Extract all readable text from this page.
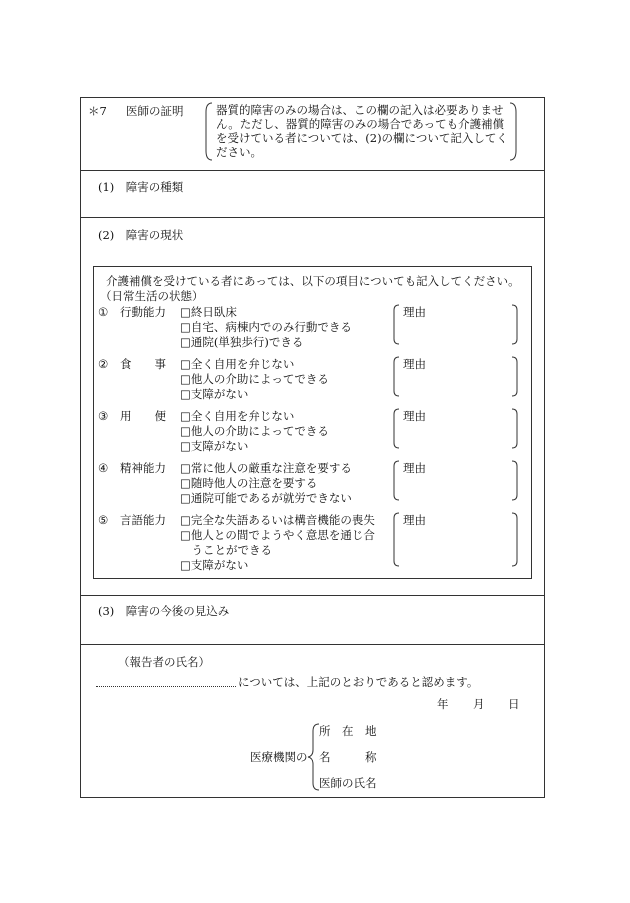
＊7 医師の証明	器質的障害のみの場合は、この欄の記入は必要ありません。ただし、器質的障害のみの場合であっても介護補償を受けている者については、(2)の欄について記入してください。
(1)　障害の種類
(2)　障害の現状
介護補償を受けている者にあっては、以下の項目についても記入してください。
（日常生活の状態）
① 行動能力 □終日臥床
□自宅、病棟内でのみ行動できる
□通院(単独歩行)できる
理由
② 食　　事 □全く自用を弁じない
□他人の介助によってできる
□支障がない
理由
③ 用　　便 □全く自用を弁じない
□他人の介助によってできる
□支障がない
理由
④ 精神能力 □常に他人の厳重な注意を要する
□随時他人の注意を要する
□通院可能であるが就労できない
理由
⑤ 言語能力 □完全な失語あるいは構音機能の喪失
□他人との間でようやく意思を通じ合
　うことができる
□支障がない
理由
(3)　障害の今後の見込み
（報告者の氏名）
については、上記のとおりであると認めます。
年 月 日
医療機関の
所　在　地
名　　　称
医師の氏名
